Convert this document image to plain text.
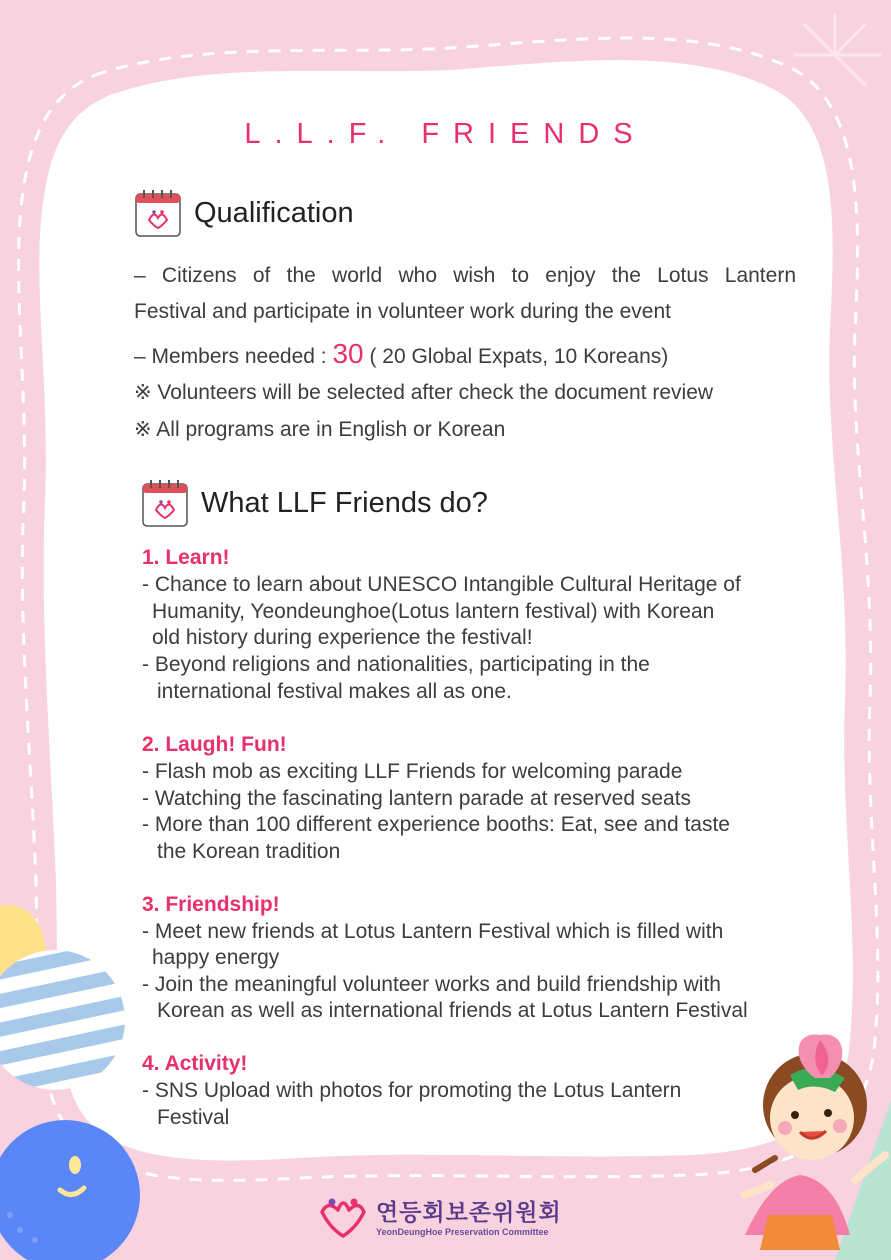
L.L.F. FRIENDS
Qualification
– Citizens of the world who wish to enjoy the Lotus Lantern
Festival and participate in volunteer work during the event
– Members needed : 30 ( 20 Global Expats, 10 Koreans)
※ Volunteers will be selected after check the document review
※ All programs are in English or Korean
What LLF Friends do?
1. Learn!
- Chance to learn about UNESCO Intangible Cultural Heritage of
Humanity, Yeondeunghoe(Lotus lantern festival) with Korean
old history during experience the festival!
- Beyond religions and nationalities, participating in the
international festival makes all as one.
2. Laugh! Fun!
- Flash mob as exciting LLF Friends for welcoming parade
- Watching the fascinating lantern parade at reserved seats
- More than 100 different experience booths: Eat, see and taste
the Korean tradition
3. Friendship!
- Meet new friends at Lotus Lantern Festival which is filled with
happy energy
- Join the meaningful volunteer works and build friendship with
Korean as well as international friends at Lotus Lantern Festival
4. Activity!
- SNS Upload with photos for promoting the Lotus Lantern
Festival
연등회보존위원회
YeonDeungHoe Preservation Committee
